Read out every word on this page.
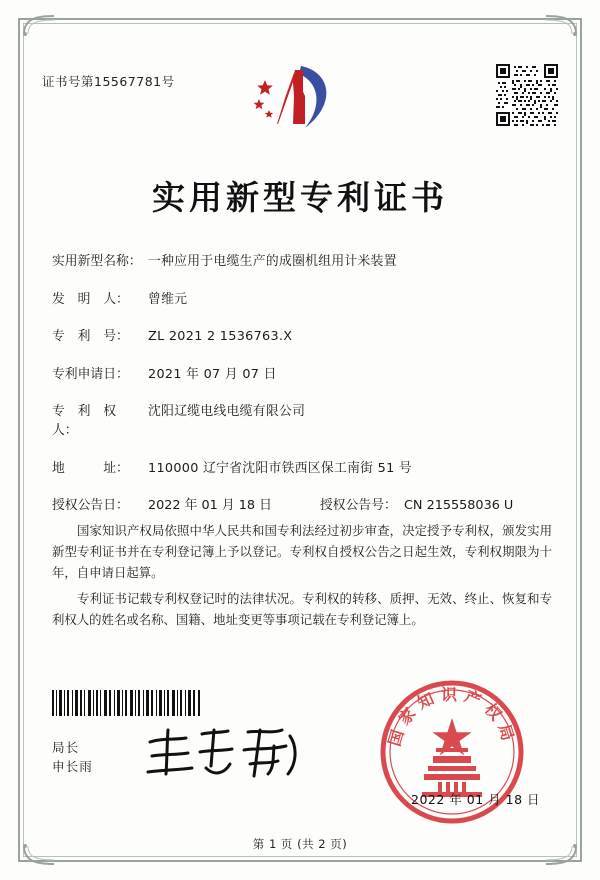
证书号第15567781号
实用新型专利证书
实用新型名称： 一种应用于电缆生产的成圈机组用计米装置
发　明　人：	曾维元
专　利　号：	ZL 2021 2 1536763.X
专利申请日：	2021 年 07 月 07 日
专　利　权　人：
沈阳辽缆电线电缆有限公司
地　　　址：	110000 辽宁省沈阳市铁西区保工南街 51 号
授权公告日：	2022 年 01 月 18 日	授权公告号： CN 215558036 U
国家知识产权局依照中华人民共和国专利法经过初步审查，决定授予专利权，颁发实用新型专利证书并在专利登记簿上予以登记。专利权自授权公告之日起生效，专利权期限为十年，自申请日起算。
专利证书记载专利权登记时的法律状况。专利权的转移、质押、无效、终止、恢复和专利权人的姓名或名称、国籍、地址变更等事项记载在专利登记簿上。
国家知识产权局
2022 年 01 月 18 日
局长
申长雨
第 1 页 (共 2 页)
